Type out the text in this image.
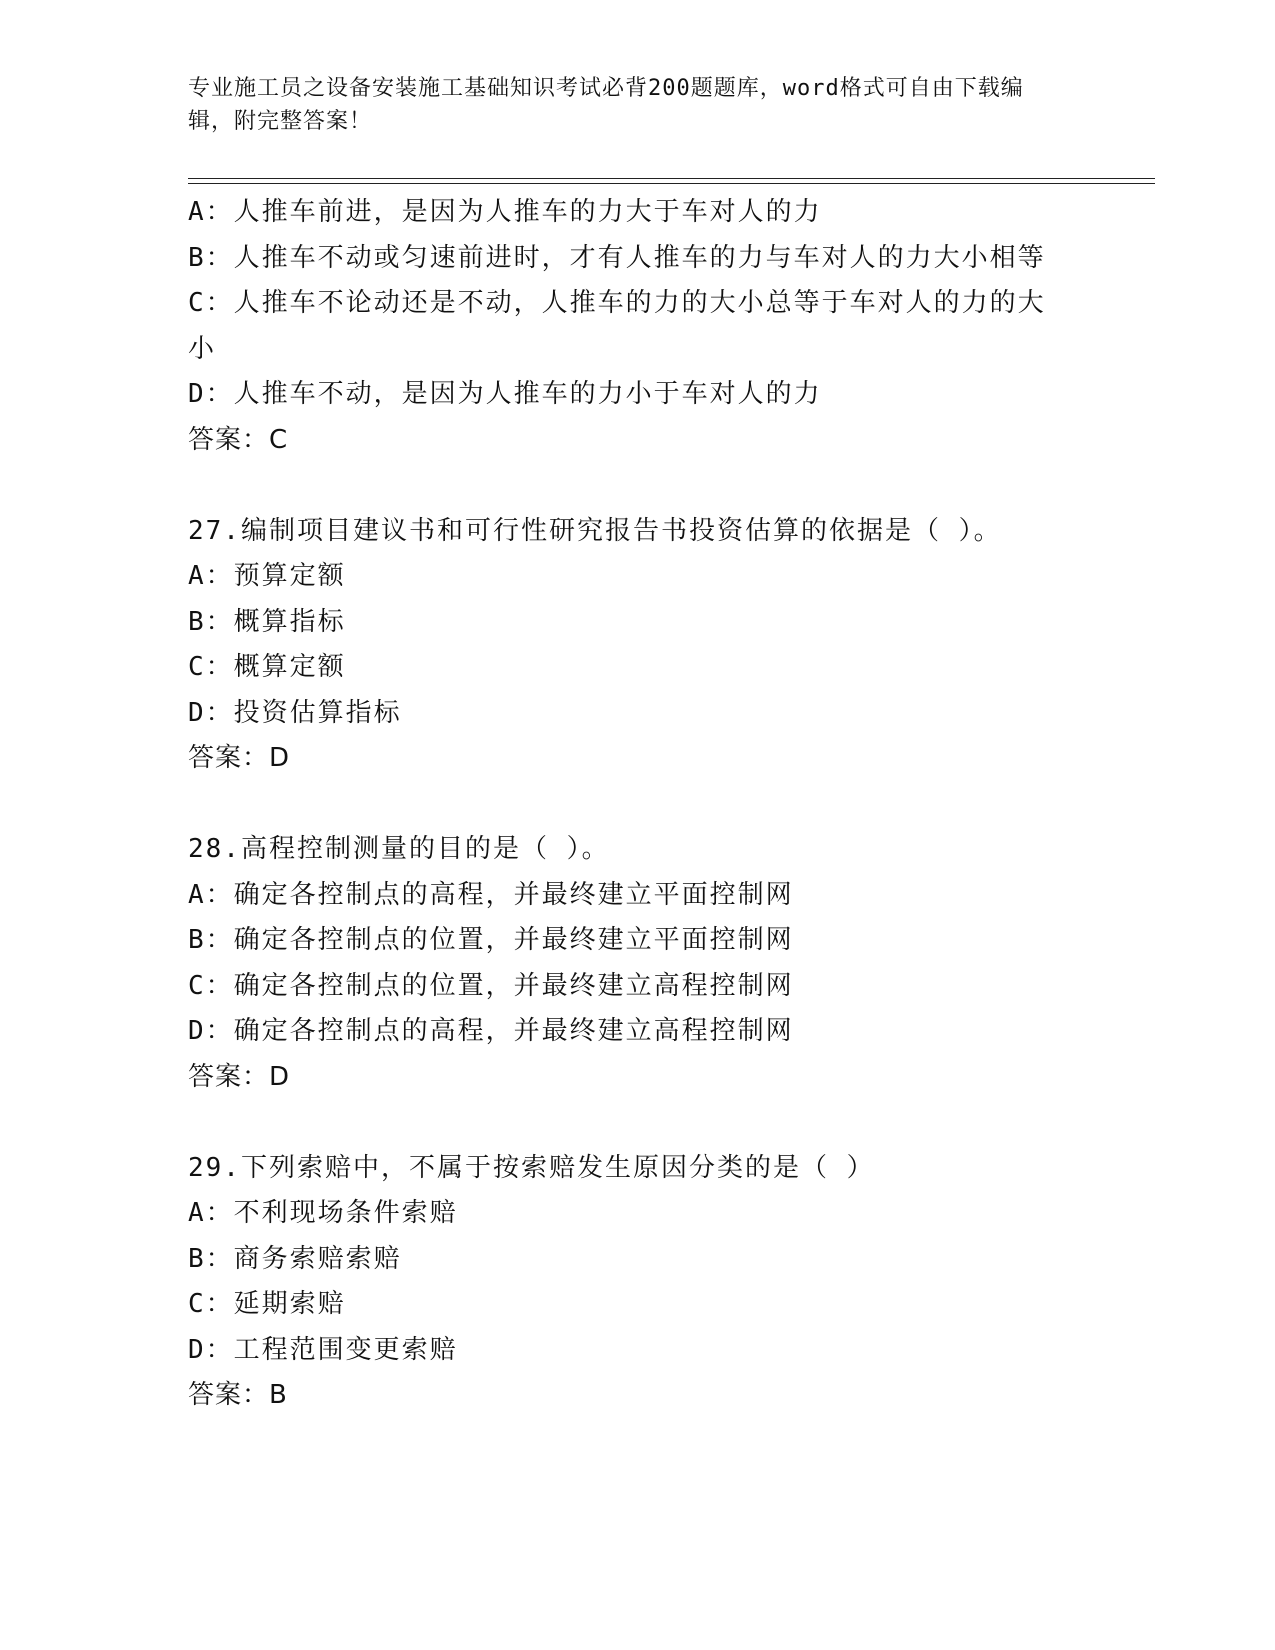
专业施工员之设备安装施工基础知识考试必背200题题库，word格式可自由下载编辑，附完整答案！
A：人推车前进，是因为人推车的力大于车对人的力
B：人推车不动或匀速前进时，才有人推车的力与车对人的力大小相等
C：人推车不论动还是不动，人推车的力的大小总等于车对人的力的大小
D：人推车不动，是因为人推车的力小于车对人的力
答案：C
27.编制项目建议书和可行性研究报告书投资估算的依据是（ ）。
A：预算定额
B：概算指标
C：概算定额
D：投资估算指标
答案：D
28.高程控制测量的目的是（ ）。
A：确定各控制点的高程，并最终建立平面控制网
B：确定各控制点的位置，并最终建立平面控制网
C：确定各控制点的位置，并最终建立高程控制网
D：确定各控制点的高程，并最终建立高程控制网
答案：D
29.下列索赔中，不属于按索赔发生原因分类的是（ ）
A：不利现场条件索赔
B：商务索赔索赔
C：延期索赔
D：工程范围变更索赔
答案：B
